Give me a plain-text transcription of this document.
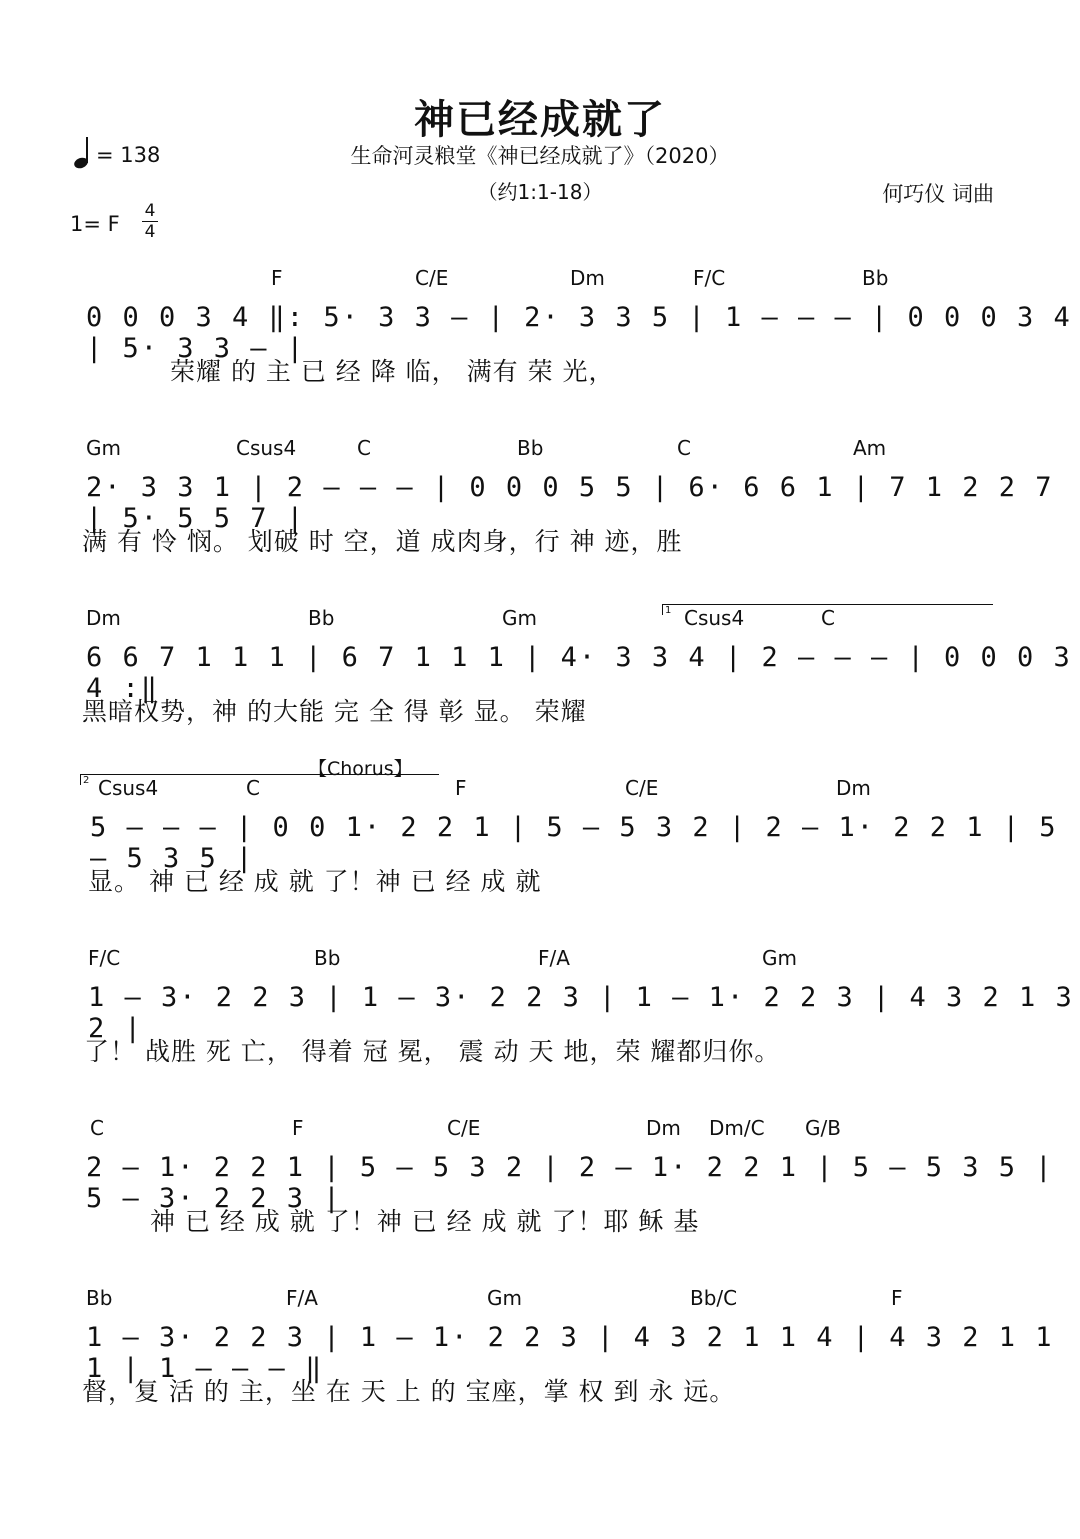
神已经成就了
生命河灵粮堂《神已经成就了》（2020）
（约1:1-18）	何巧仪 词曲
= 138
1= F
4
4
F	C/E	Dm	F/C	Bb
0 0 0 3 4 ‖: 5· 3 3 — | 2· 3 3 5 | 1 — — — | 0 0 0 3 4 | 5· 3 3 — |
荣耀 的 主 已 经 降 临， 满有 荣 光，
Gm	Csus4	C	Bb	C	Am
2· 3 3 1 | 2 — — — | 0 0 0 5 5 | 6· 6 6 1 | 7 1 2 2 7 | 5· 5 5 7 |
满 有 怜 悯。 划破 时 空，道 成肉身，行 神 迹，胜
1
Dm	Bb	Gm	Csus4	C
6 6 7 1 1 1 | 6 7 1 1 1 | 4· 3 3 4 | 2 — — — | 0 0 0 3 4 :‖
黑暗权势，神 的大能 完 全 得 彰 显。 荣耀
【Chorus】
2 Csus4	C	F	C/E	Dm
5 — — — | 0 0 1· 2 2 1 | 5 — 5 3 2 | 2 — 1· 2 2 1 | 5 — 5 3 5 |
显。 神 已 经 成 就 了！神 已 经 成 就
F/C	Bb	F/A	Gm
1 — 3· 2 2 3 | 1 — 3· 2 2 3 | 1 — 1· 2 2 3 | 4 3 2 1 3 2 |
了！ 战胜 死 亡， 得着 冠 冕， 震 动 天 地，荣 耀都归你。
C	F	C/E	Dm Dm/C G/B
2 — 1· 2 2 1 | 5 — 5 3 2 | 2 — 1· 2 2 1 | 5 — 5 3 5 | 5 — 3· 2 2 3 |
神 已 经 成 就 了！神 已 经 成 就 了！耶 稣 基
Bb	F/A	Gm	Bb/C	F
1 — 3· 2 2 3 | 1 — 1· 2 2 3 | 4 3 2 1 1 4 | 4 3 2 1 1 1 | 1 — — — ‖
督，复 活 的 主，坐 在 天 上 的 宝座，掌 权 到 永 远。
